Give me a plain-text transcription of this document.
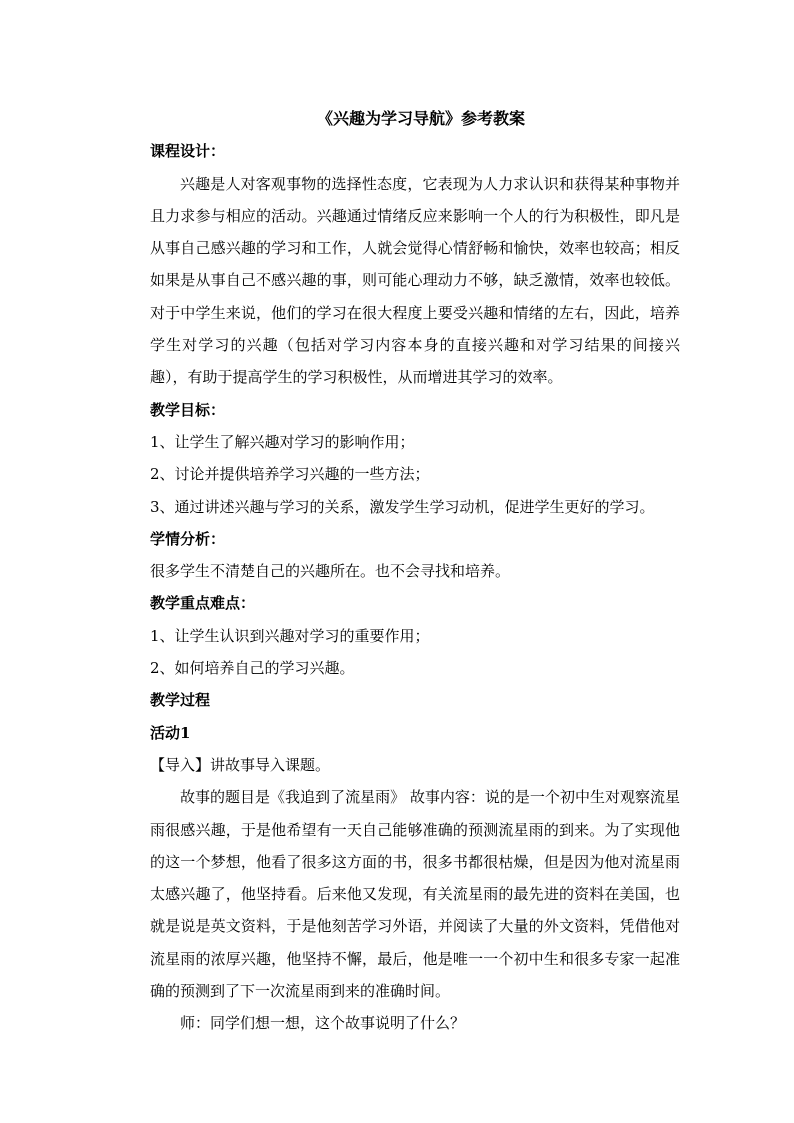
《兴趣为学习导航》参考教案

课程设计：

兴趣是人对客观事物的选择性态度，它表现为人力求认识和获得某种事物并且力求参与相应的活动。兴趣通过情绪反应来影响一个人的行为积极性，即凡是从事自己感兴趣的学习和工作，人就会觉得心情舒畅和愉快，效率也较高；相反如果是从事自己不感兴趣的事，则可能心理动力不够，缺乏激情，效率也较低。对于中学生来说，他们的学习在很大程度上要受兴趣和情绪的左右，因此，培养学生对学习的兴趣（包括对学习内容本身的直接兴趣和对学习结果的间接兴趣），有助于提高学生的学习积极性，从而增进其学习的效率。

教学目标：

1、让学生了解兴趣对学习的影响作用；

2、讨论并提供培养学习兴趣的一些方法；

3、通过讲述兴趣与学习的关系，激发学生学习动机，促进学生更好的学习。

学情分析：

很多学生不清楚自己的兴趣所在。也不会寻找和培养。

教学重点难点：

1、让学生认识到兴趣对学习的重要作用；

2、如何培养自己的学习兴趣。

教学过程

活动1

【导入】讲故事导入课题。

故事的题目是《我追到了流星雨》 故事内容：说的是一个初中生对观察流星雨很感兴趣，于是他希望有一天自己能够准确的预测流星雨的到来。为了实现他的这一个梦想，他看了很多这方面的书，很多书都很枯燥，但是因为他对流星雨太感兴趣了，他坚持看。后来他又发现，有关流星雨的最先进的资料在美国，也就是说是英文资料，于是他刻苦学习外语，并阅读了大量的外文资料，凭借他对流星雨的浓厚兴趣，他坚持不懈，最后，他是唯一一个初中生和很多专家一起准确的预测到了下一次流星雨到来的准确时间。

师：同学们想一想，这个故事说明了什么？
